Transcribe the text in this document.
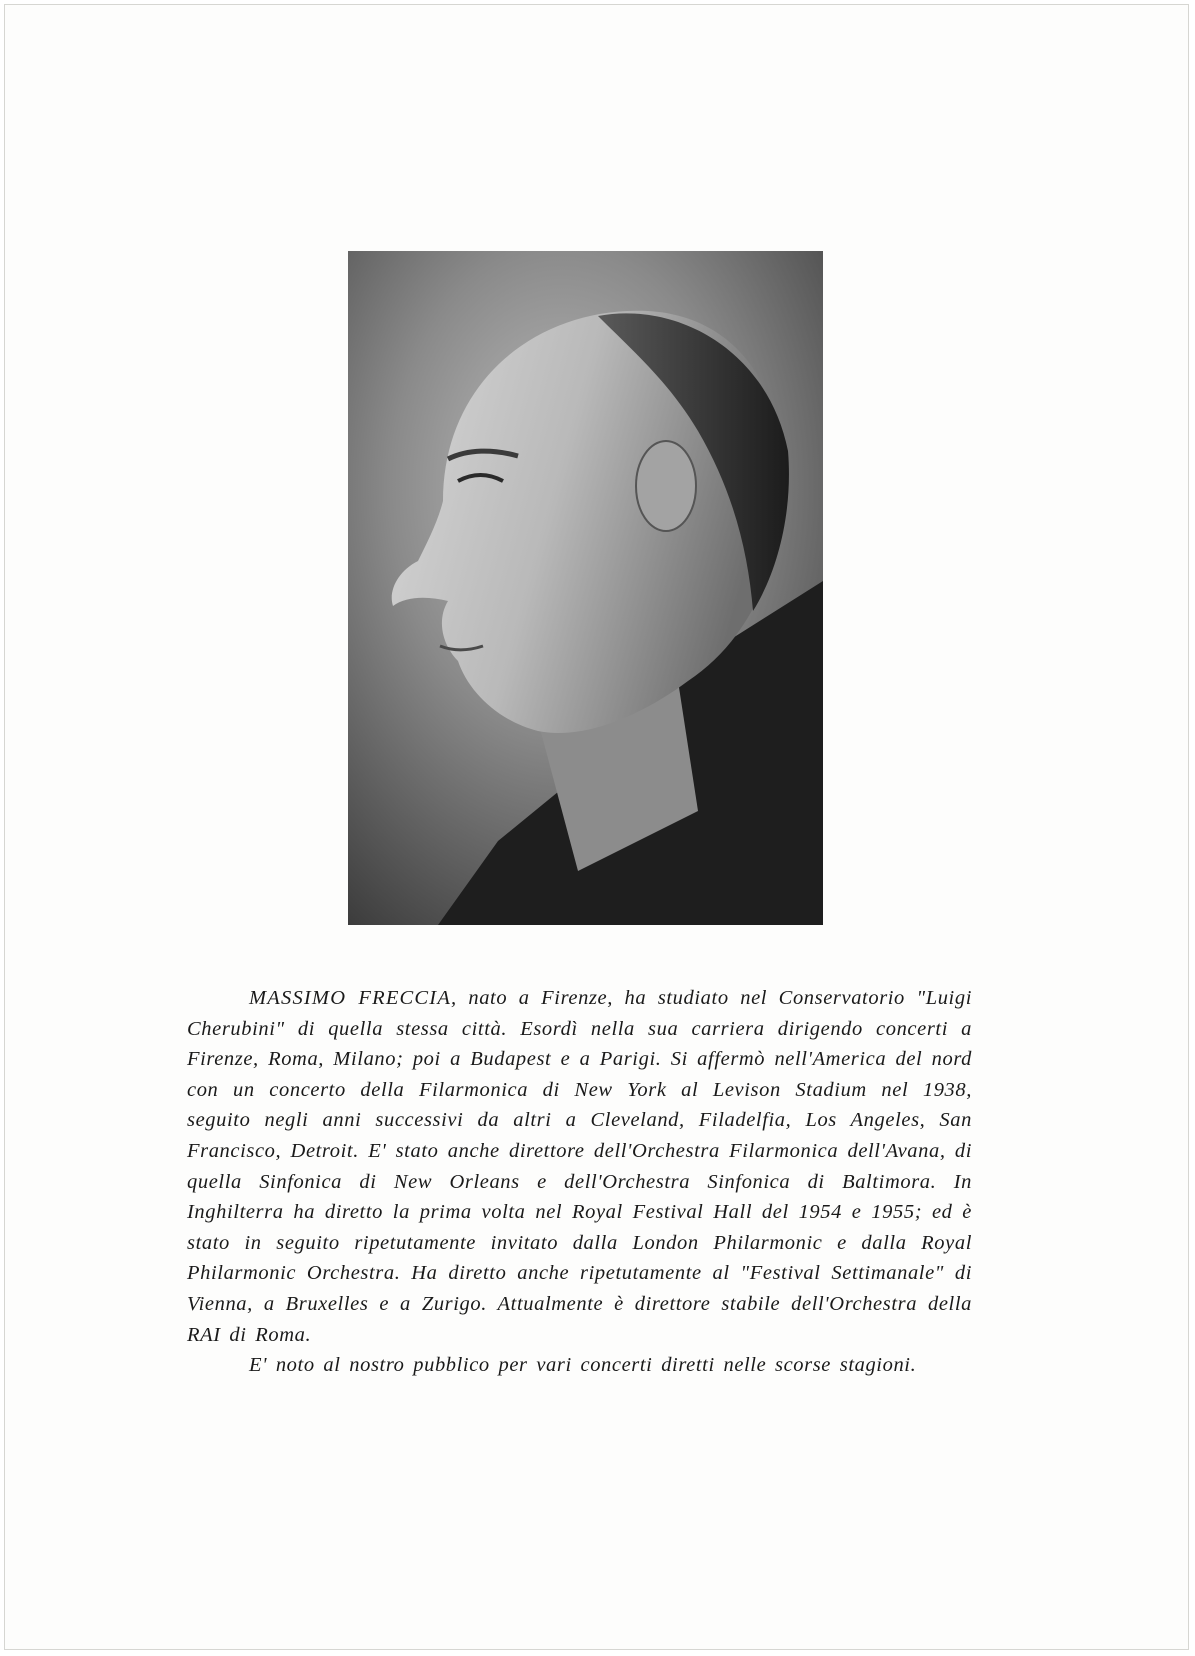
MASSIMO FRECCIA, nato a Firenze, ha studiato nel Conservatorio "Luigi Cherubini" di quella stessa città. Esordì nella sua carriera dirigendo concerti a Firenze, Roma, Milano; poi a Budapest e a Parigi. Si affermò nell'America del nord con un concerto della Filarmonica di New York al Levison Stadium nel 1938, seguito negli anni successivi da altri a Cleveland, Filadelfia, Los Angeles, San Francisco, Detroit. E' stato anche direttore dell'Orchestra Filarmonica dell'Avana, di quella Sinfonica di New Orleans e dell'Orchestra Sinfonica di Baltimora. In Inghilterra ha diretto la prima volta nel Royal Festival Hall del 1954 e 1955; ed è stato in seguito ripetutamente invitato dalla London Philarmonic e dalla Royal Philarmonic Orchestra. Ha diretto anche ripetutamente al "Festival Settimanale" di Vienna, a Bruxelles e a Zurigo. Attualmente è direttore stabile dell'Orchestra della RAI di Roma.

E' noto al nostro pubblico per vari concerti diretti nelle scorse stagioni.
